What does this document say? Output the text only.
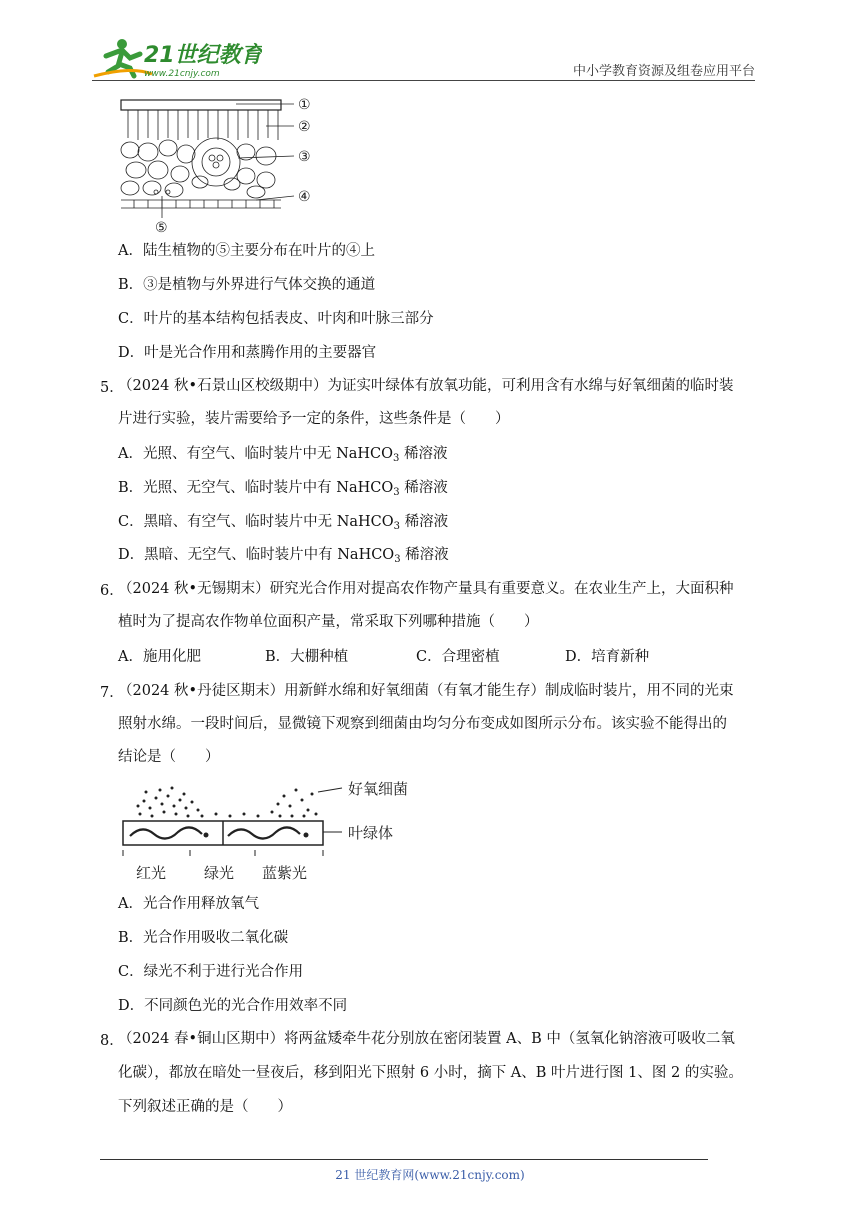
21世纪教育
www.21cnjy.com	中小学教育资源及组卷应用平台
①
②
③
④
⑤
A．陆生植物的⑤主要分布在叶片的④上
B．③是植物与外界进行气体交换的通道
C．叶片的基本结构包括表皮、叶肉和叶脉三部分
D．叶是光合作用和蒸腾作用的主要器官
5．
（2024 秋•石景山区校级期中）为证实叶绿体有放氧功能，可利用含有水绵与好氧细菌的临时装
片进行实验，装片需要给予一定的条件，这些条件是（　　）
A．光照、有空气、临时装片中无 NaHCO$_3$ 稀溶液
B．光照、无空气、临时装片中有 NaHCO$_3$ 稀溶液
C．黑暗、有空气、临时装片中无 NaHCO$_3$ 稀溶液
D．黑暗、无空气、临时装片中有 NaHCO$_3$ 稀溶液
6．
（2024 秋•无锡期末）研究光合作用对提高农作物产量具有重要意义。在农业生产上，大面积种
植时为了提高农作物单位面积产量，常采取下列哪种措施（　　）
A．施用化肥	B．大棚种植	C．合理密植	D．培育新种
7．
（2024 秋•丹徒区期末）用新鲜水绵和好氧细菌（有氧才能生存）制成临时装片，用不同的光束
照射水绵。一段时间后，显微镜下观察到细菌由均匀分布变成如图所示分布。该实验不能得出的
结论是（　　）
好氧细菌
叶绿体
红光	绿光 蓝紫光
A．光合作用释放氧气
B．光合作用吸收二氧化碳
C．绿光不利于进行光合作用
D．不同颜色光的光合作用效率不同
8．
（2024 春•铜山区期中）将两盆矮牵牛花分别放在密闭装置 A、B 中（氢氧化钠溶液可吸收二氧
化碳），都放在暗处一昼夜后，移到阳光下照射 6 小时，摘下 A、B 叶片进行图 1、图 2 的实验。
下列叙述正确的是（　　）
21 世纪教育网(www.21cnjy.com)
